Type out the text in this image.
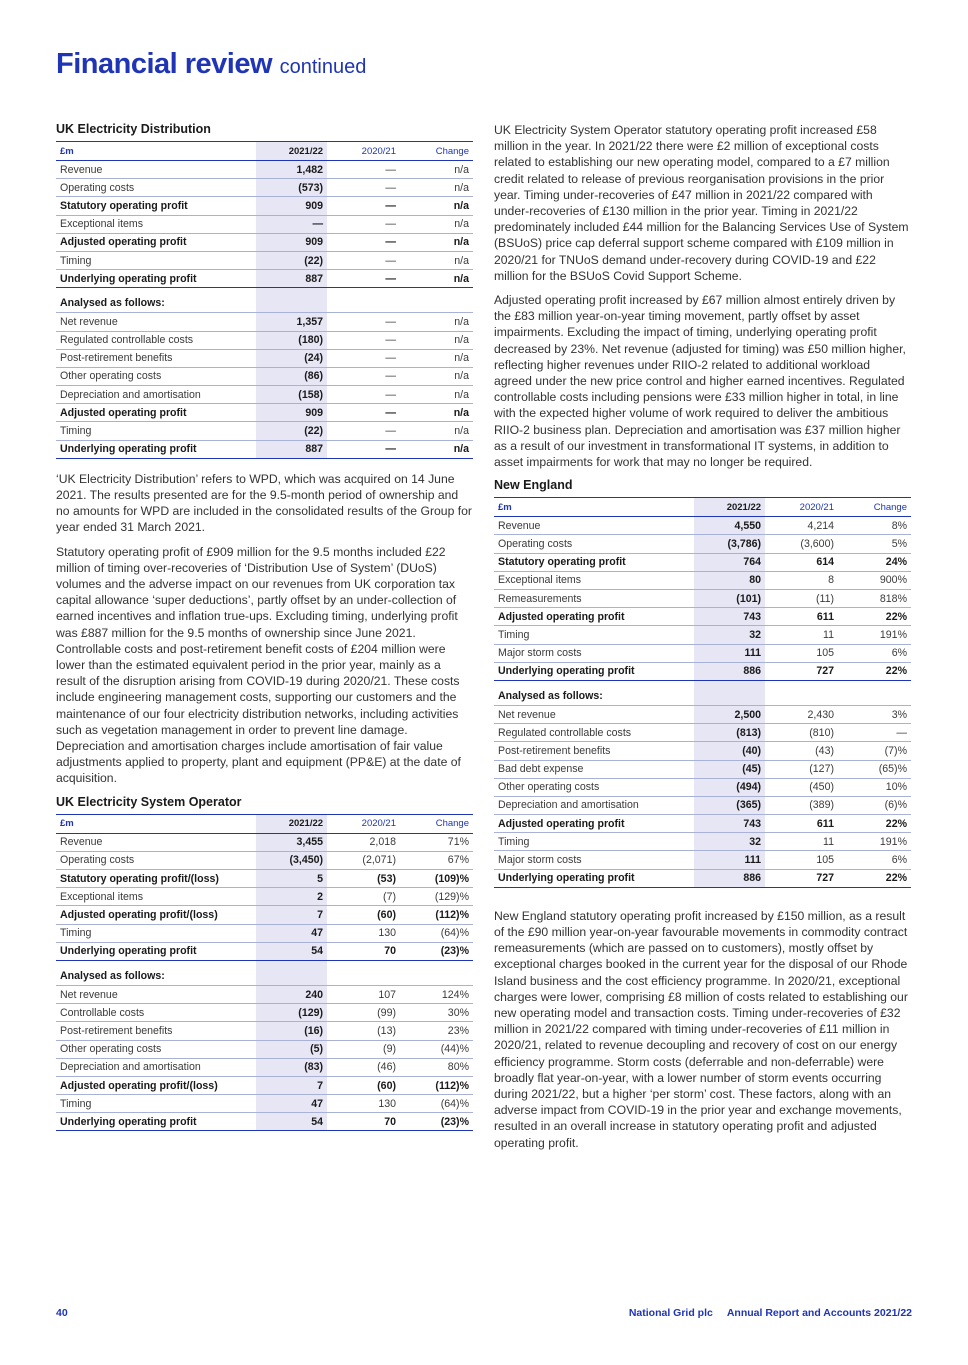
Financial review continued
UK Electricity Distribution
£m	2021/22	2020/21	Change
Revenue	1,482	—	n/a
Operating costs	(573)	—	n/a
Statutory operating profit	909	—	n/a
Exceptional items	—	—	n/a
Adjusted operating profit	909	—	n/a
Timing	(22)	—	n/a
Underlying operating profit	887	—	n/a
Analysed as follows:			
Net revenue	1,357	—	n/a
Regulated controllable costs	(180)	—	n/a
Post-retirement benefits	(24)	—	n/a
Other operating costs	(86)	—	n/a
Depreciation and amortisation	(158)	—	n/a
Adjusted operating profit	909	—	n/a
Timing	(22)	—	n/a
Underlying operating profit	887	—	n/a

‘UK Electricity Distribution’ refers to WPD, which was acquired on 14 June 2021. The results presented are for the 9.5-month period of ownership and no amounts for WPD are included in the consolidated results of the Group for year ended 31 March 2021.

Statutory operating profit of £909 million for the 9.5 months included £22 million of timing over-recoveries of ‘Distribution Use of System’ (DUoS) volumes and the adverse impact on our revenues from UK corporation tax capital allowance ‘super deductions’, partly offset by an under-collection of earned incentives and inflation true-ups. Excluding timing, underlying profit was £887 million for the 9.5 months of ownership since June 2021. Controllable costs and post-retirement benefit costs of £204 million were lower than the estimated equivalent period in the prior year, mainly as a result of the disruption arising from COVID-19 during 2020/21. These costs include engineering management costs, supporting our customers and the maintenance of our four electricity distribution networks, including activities such as vegetation management in order to prevent line damage. Depreciation and amortisation charges include amortisation of fair value adjustments applied to property, plant and equipment (PP&E) at the date of acquisition.

UK Electricity System Operator
£m	2021/22	2020/21	Change
Revenue	3,455	2,018	71%
Operating costs	(3,450)	(2,071)	67%
Statutory operating profit/(loss)	5	(53)	(109)%
Exceptional items	2	(7)	(129)%
Adjusted operating profit/(loss)	7	(60)	(112)%
Timing	47	130	(64)%
Underlying operating profit	54	70	(23)%
Analysed as follows:			
Net revenue	240	107	124%
Controllable costs	(129)	(99)	30%
Post-retirement benefits	(16)	(13)	23%
Other operating costs	(5)	(9)	(44)%
Depreciation and amortisation	(83)	(46)	80%
Adjusted operating profit/(loss)	7	(60)	(112)%
Timing	47	130	(64)%
Underlying operating profit	54	70	(23)%

UK Electricity System Operator statutory operating profit increased £58 million in the year. In 2021/22 there were £2 million of exceptional costs related to establishing our new operating model, compared to a £7 million credit related to release of previous reorganisation provisions in the prior year. Timing under-recoveries of £47 million in 2021/22 compared with under-recoveries of £130 million in the prior year. Timing in 2021/22 predominately included £44 million for the Balancing Services Use of System (BSUoS) price cap deferral support scheme compared with £109 million in 2020/21 for TNUoS demand under-recovery during COVID-19 and £22 million for the BSUoS Covid Support Scheme.

Adjusted operating profit increased by £67 million almost entirely driven by the £83 million year-on-year timing movement, partly offset by asset impairments. Excluding the impact of timing, underlying operating profit decreased by 23%. Net revenue (adjusted for timing) was £50 million higher, reflecting higher revenues under RIIO-2 related to additional workload agreed under the new price control and higher earned incentives. Regulated controllable costs including pensions were £33 million higher in total, in line with the expected higher volume of work required to deliver the ambitious RIIO-2 business plan. Depreciation and amortisation was £37 million higher as a result of our investment in transformational IT systems, in addition to asset impairments for work that may no longer be required.

New England
£m	2021/22	2020/21	Change
Revenue	4,550	4,214	8%
Operating costs	(3,786)	(3,600)	5%
Statutory operating profit	764	614	24%
Exceptional items	80	8	900%
Remeasurements	(101)	(11)	818%
Adjusted operating profit	743	611	22%
Timing	32	11	191%
Major storm costs	111	105	6%
Underlying operating profit	886	727	22%
Analysed as follows:			
Net revenue	2,500	2,430	3%
Regulated controllable costs	(813)	(810)	—
Post-retirement benefits	(40)	(43)	(7)%
Bad debt expense	(45)	(127)	(65)%
Other operating costs	(494)	(450)	10%
Depreciation and amortisation	(365)	(389)	(6)%
Adjusted operating profit	743	611	22%
Timing	32	11	191%
Major storm costs	111	105	6%
Underlying operating profit	886	727	22%

New England statutory operating profit increased by £150 million, as a result of the £90 million year-on-year favourable movements in commodity contract remeasurements (which are passed on to customers), mostly offset by exceptional charges booked in the current year for the disposal of our Rhode Island business and the cost efficiency programme. In 2020/21, exceptional charges were lower, comprising £8 million of costs related to establishing our new operating model and transaction costs. Timing under-recoveries of £32 million in 2021/22 compared with timing under-recoveries of £11 million in 2020/21, related to revenue decoupling and recovery of cost on our energy efficiency programme. Storm costs (deferrable and non-deferrable) were broadly flat year-on-year, with a lower number of storm events occurring during 2021/22, but a higher ‘per storm’ cost. These factors, along with an adverse impact from COVID-19 in the prior year and exchange movements, resulted in an overall increase in statutory operating profit and adjusted operating profit.

40	National Grid plc Annual Report and Accounts 2021/22
